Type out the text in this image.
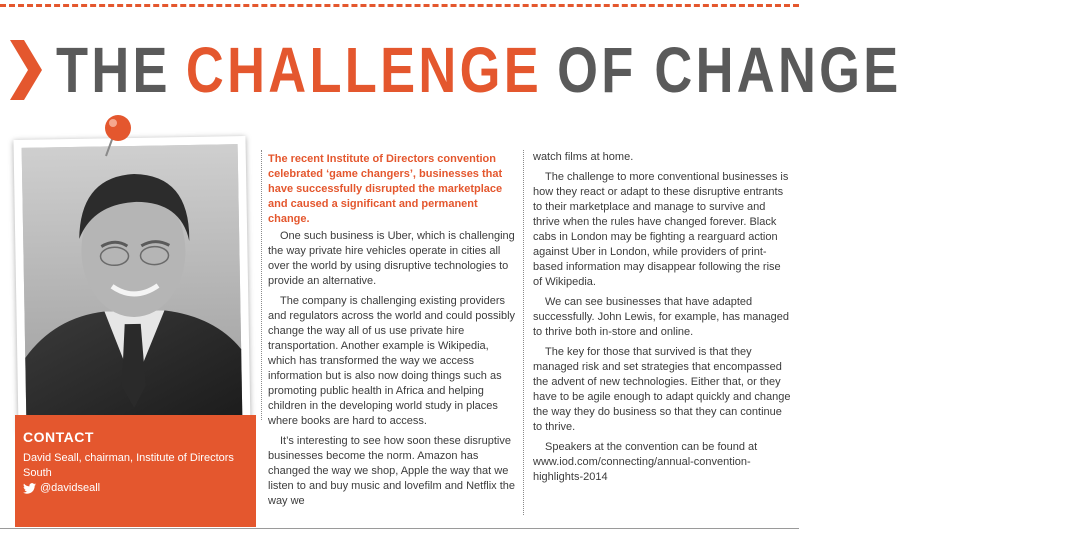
THE CHALLENGE OF CHANGE
CONTACT
David Seall, chairman, Institute of Directors South
@davidseall

The recent Institute of Directors convention celebrated ‘game changers’, businesses that have successfully disrupted the marketplace and caused a significant and permanent change.

One such business is Uber, which is challenging the way private hire vehicles operate in cities all over the world by using disruptive technologies to provide an alternative.

The company is challenging existing providers and regulators across the world and could possibly change the way all of us use private hire transportation. Another example is Wikipedia, which has transformed the way we access information but is also now doing things such as promoting public health in Africa and helping children in the developing world study in places where books are hard to access.

It’s interesting to see how soon these disruptive businesses become the norm. Amazon has changed the way we shop, Apple the way that we listen to and buy music and lovefilm and Netflix the way we

watch films at home.

The challenge to more conventional businesses is how they react or adapt to these disruptive entrants to their marketplace and manage to survive and thrive when the rules have changed forever. Black cabs in London may be fighting a rearguard action against Uber in London, while providers of print-based information may disappear following the rise of Wikipedia.

We can see businesses that have adapted successfully. John Lewis, for example, has managed to thrive both in-store and online.

The key for those that survived is that they managed risk and set strategies that encompassed the advent of new technologies. Either that, or they have to be agile enough to adapt quickly and change the way they do business so that they can continue to thrive.

Speakers at the convention can be found at www.iod.com/connecting/annual-convention-highlights-2014
